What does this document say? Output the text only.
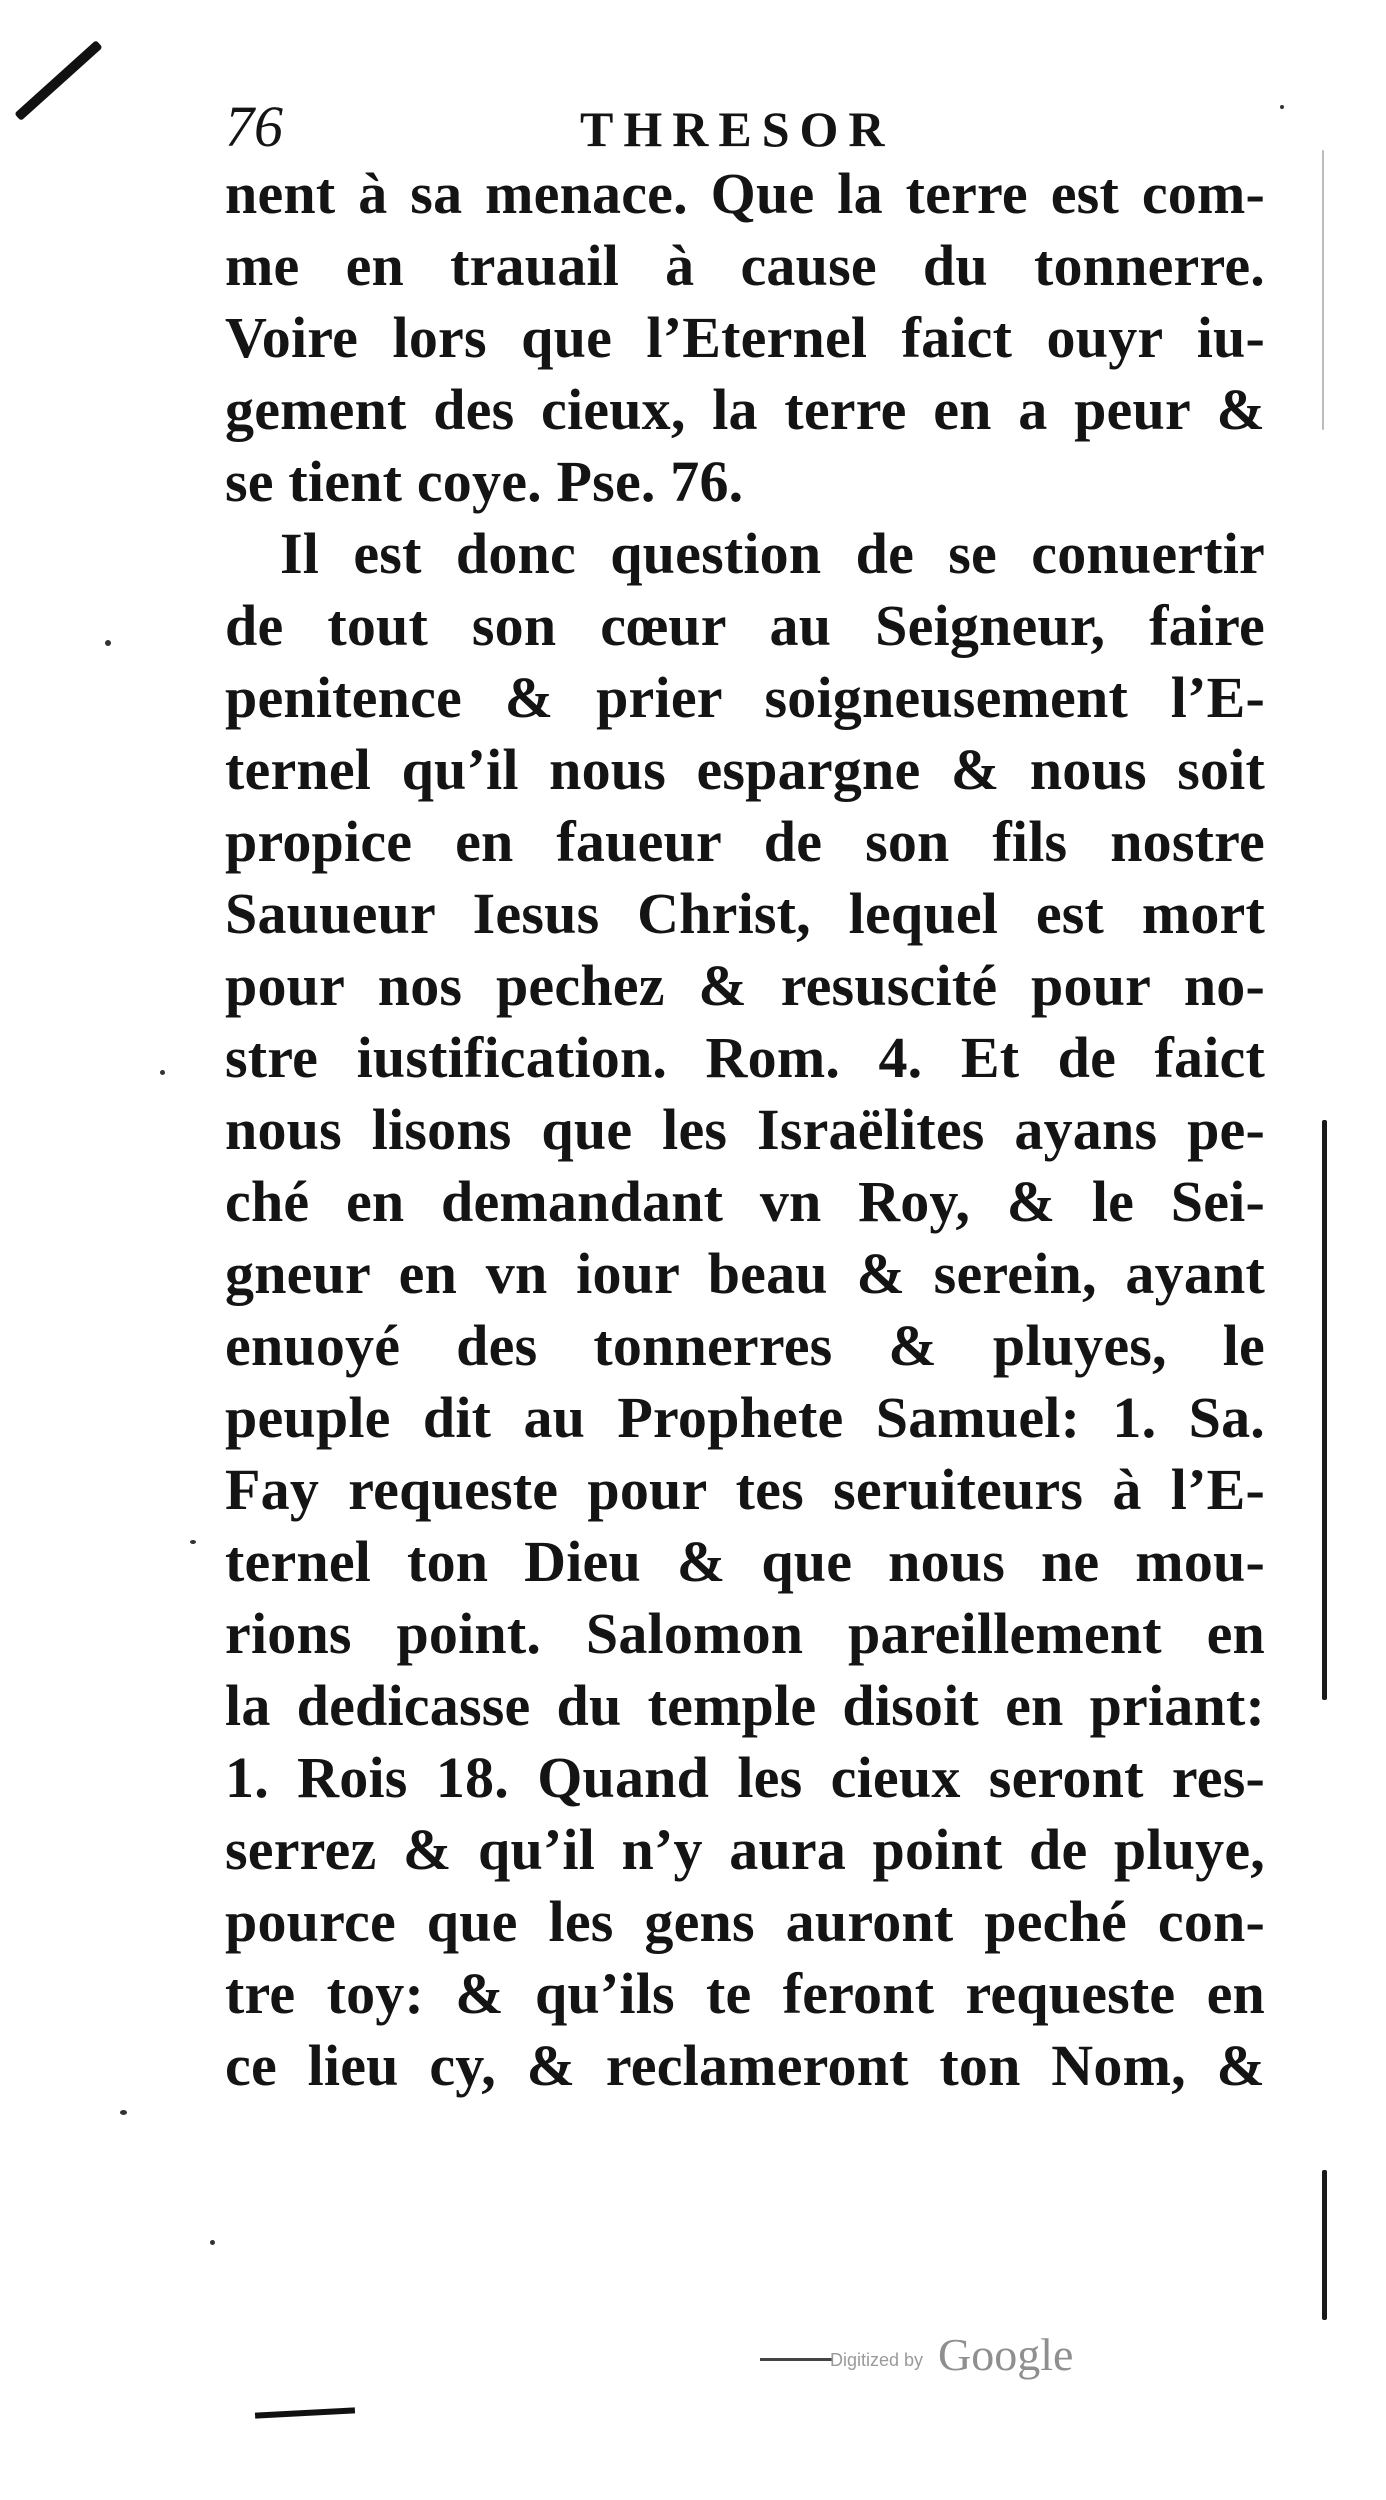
76	THRESOR
nent à sa menace. Que la terre est com-
me en trauail à cause du tonnerre.
Voire lors que l’Eternel faict ouyr iu-
gement des cieux, la terre en a peur &
se tient coye. Pse. 76.
Il est donc question de se conuertir
de tout son cœur au Seigneur, faire
penitence & prier soigneusement l’E-
ternel qu’il nous espargne & nous soit
propice en faueur de son fils nostre
Sauueur Iesus Christ, lequel est mort
pour nos pechez & resuscité pour no-
stre iustification. Rom. 4. Et de faict
nous lisons que les Israëlites ayans pe-
ché en demandant vn Roy, & le Sei-
gneur en vn iour beau & serein, ayant
enuoyé des tonnerres & pluyes, le
peuple dit au Prophete Samuel: 1. Sa.
Fay requeste pour tes seruiteurs à l’E-
ternel ton Dieu & que nous ne mou-
rions point. Salomon pareillement en
la dedicasse du temple disoit en priant:
1. Rois 18. Quand les cieux seront res-
serrez & qu’il n’y aura point de pluye,
pource que les gens auront peché con-
tre toy: & qu’ils te feront requeste en
ce lieu cy, & reclameront ton Nom, &
Digitized by Google
